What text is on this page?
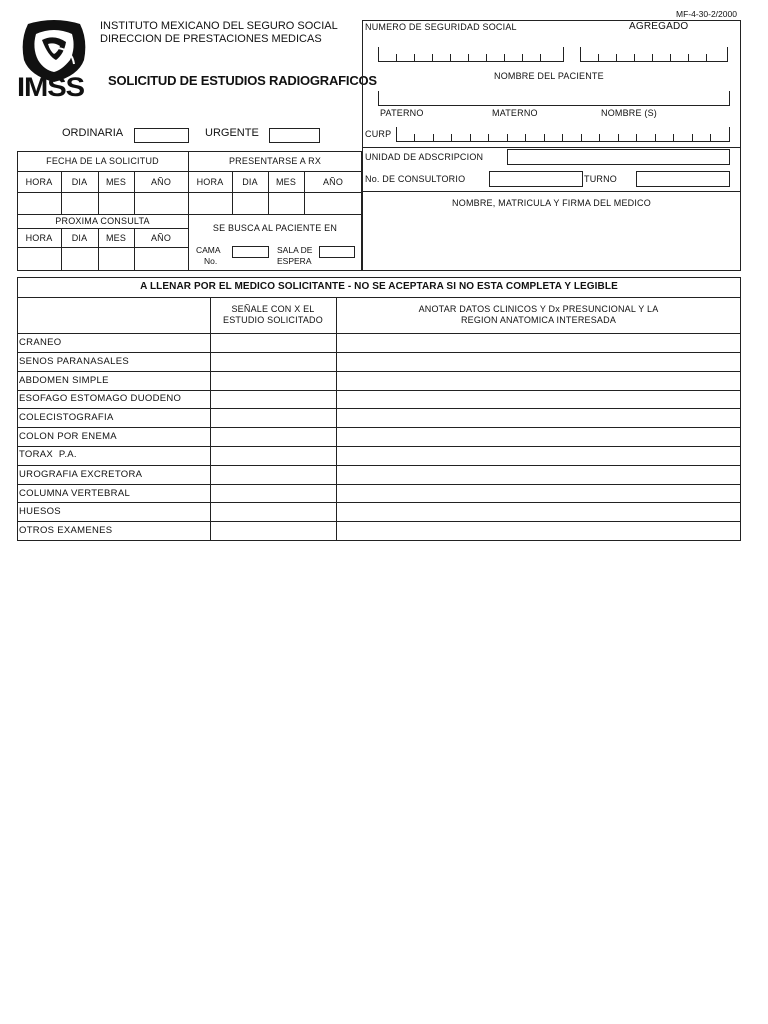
MF-4-30-2/2000
IMSS
INSTITUTO MEXICANO DEL SEGURO SOCIAL
DIRECCION DE PRESTACIONES MEDICAS
SOLICITUD DE ESTUDIOS RADIOGRAFICOS
ORDINARIA	URGENTE
NUMERO DE SEGURIDAD SOCIAL	AGREGADO
NOMBRE DEL PACIENTE
PATERNO	MATERNO	NOMBRE (S)
CURP
UNIDAD DE ADSCRIPCION
No. DE CONSULTORIO	TURNO
NOMBRE, MATRICULA Y FIRMA DEL MEDICO
FECHA DE LA SOLICITUD	PRESENTARSE A RX
HORA	DIA	MES	AÑO	HORA	DIA	MES	AÑO
PROXIMA CONSULTA
HORA	DIA	MES	AÑO
SE BUSCA AL PACIENTE EN
CAMA
No.
SALA DE
ESPERA
A LLENAR POR EL MEDICO SOLICITANTE - NO SE ACEPTARA SI NO ESTA COMPLETA Y LEGIBLE
SEÑALE CON X EL
ESTUDIO SOLICITADO
ANOTAR DATOS CLINICOS Y Dx PRESUNCIONAL Y LA
REGION ANATOMICA INTERESADA
CRANEO
SENOS PARANASALES
ABDOMEN SIMPLE
ESOFAGO ESTOMAGO DUODENO
COLECISTOGRAFIA
COLON POR ENEMA
TORAX  P.A.
UROGRAFIA EXCRETORA
COLUMNA VERTEBRAL
HUESOS
OTROS EXAMENES
